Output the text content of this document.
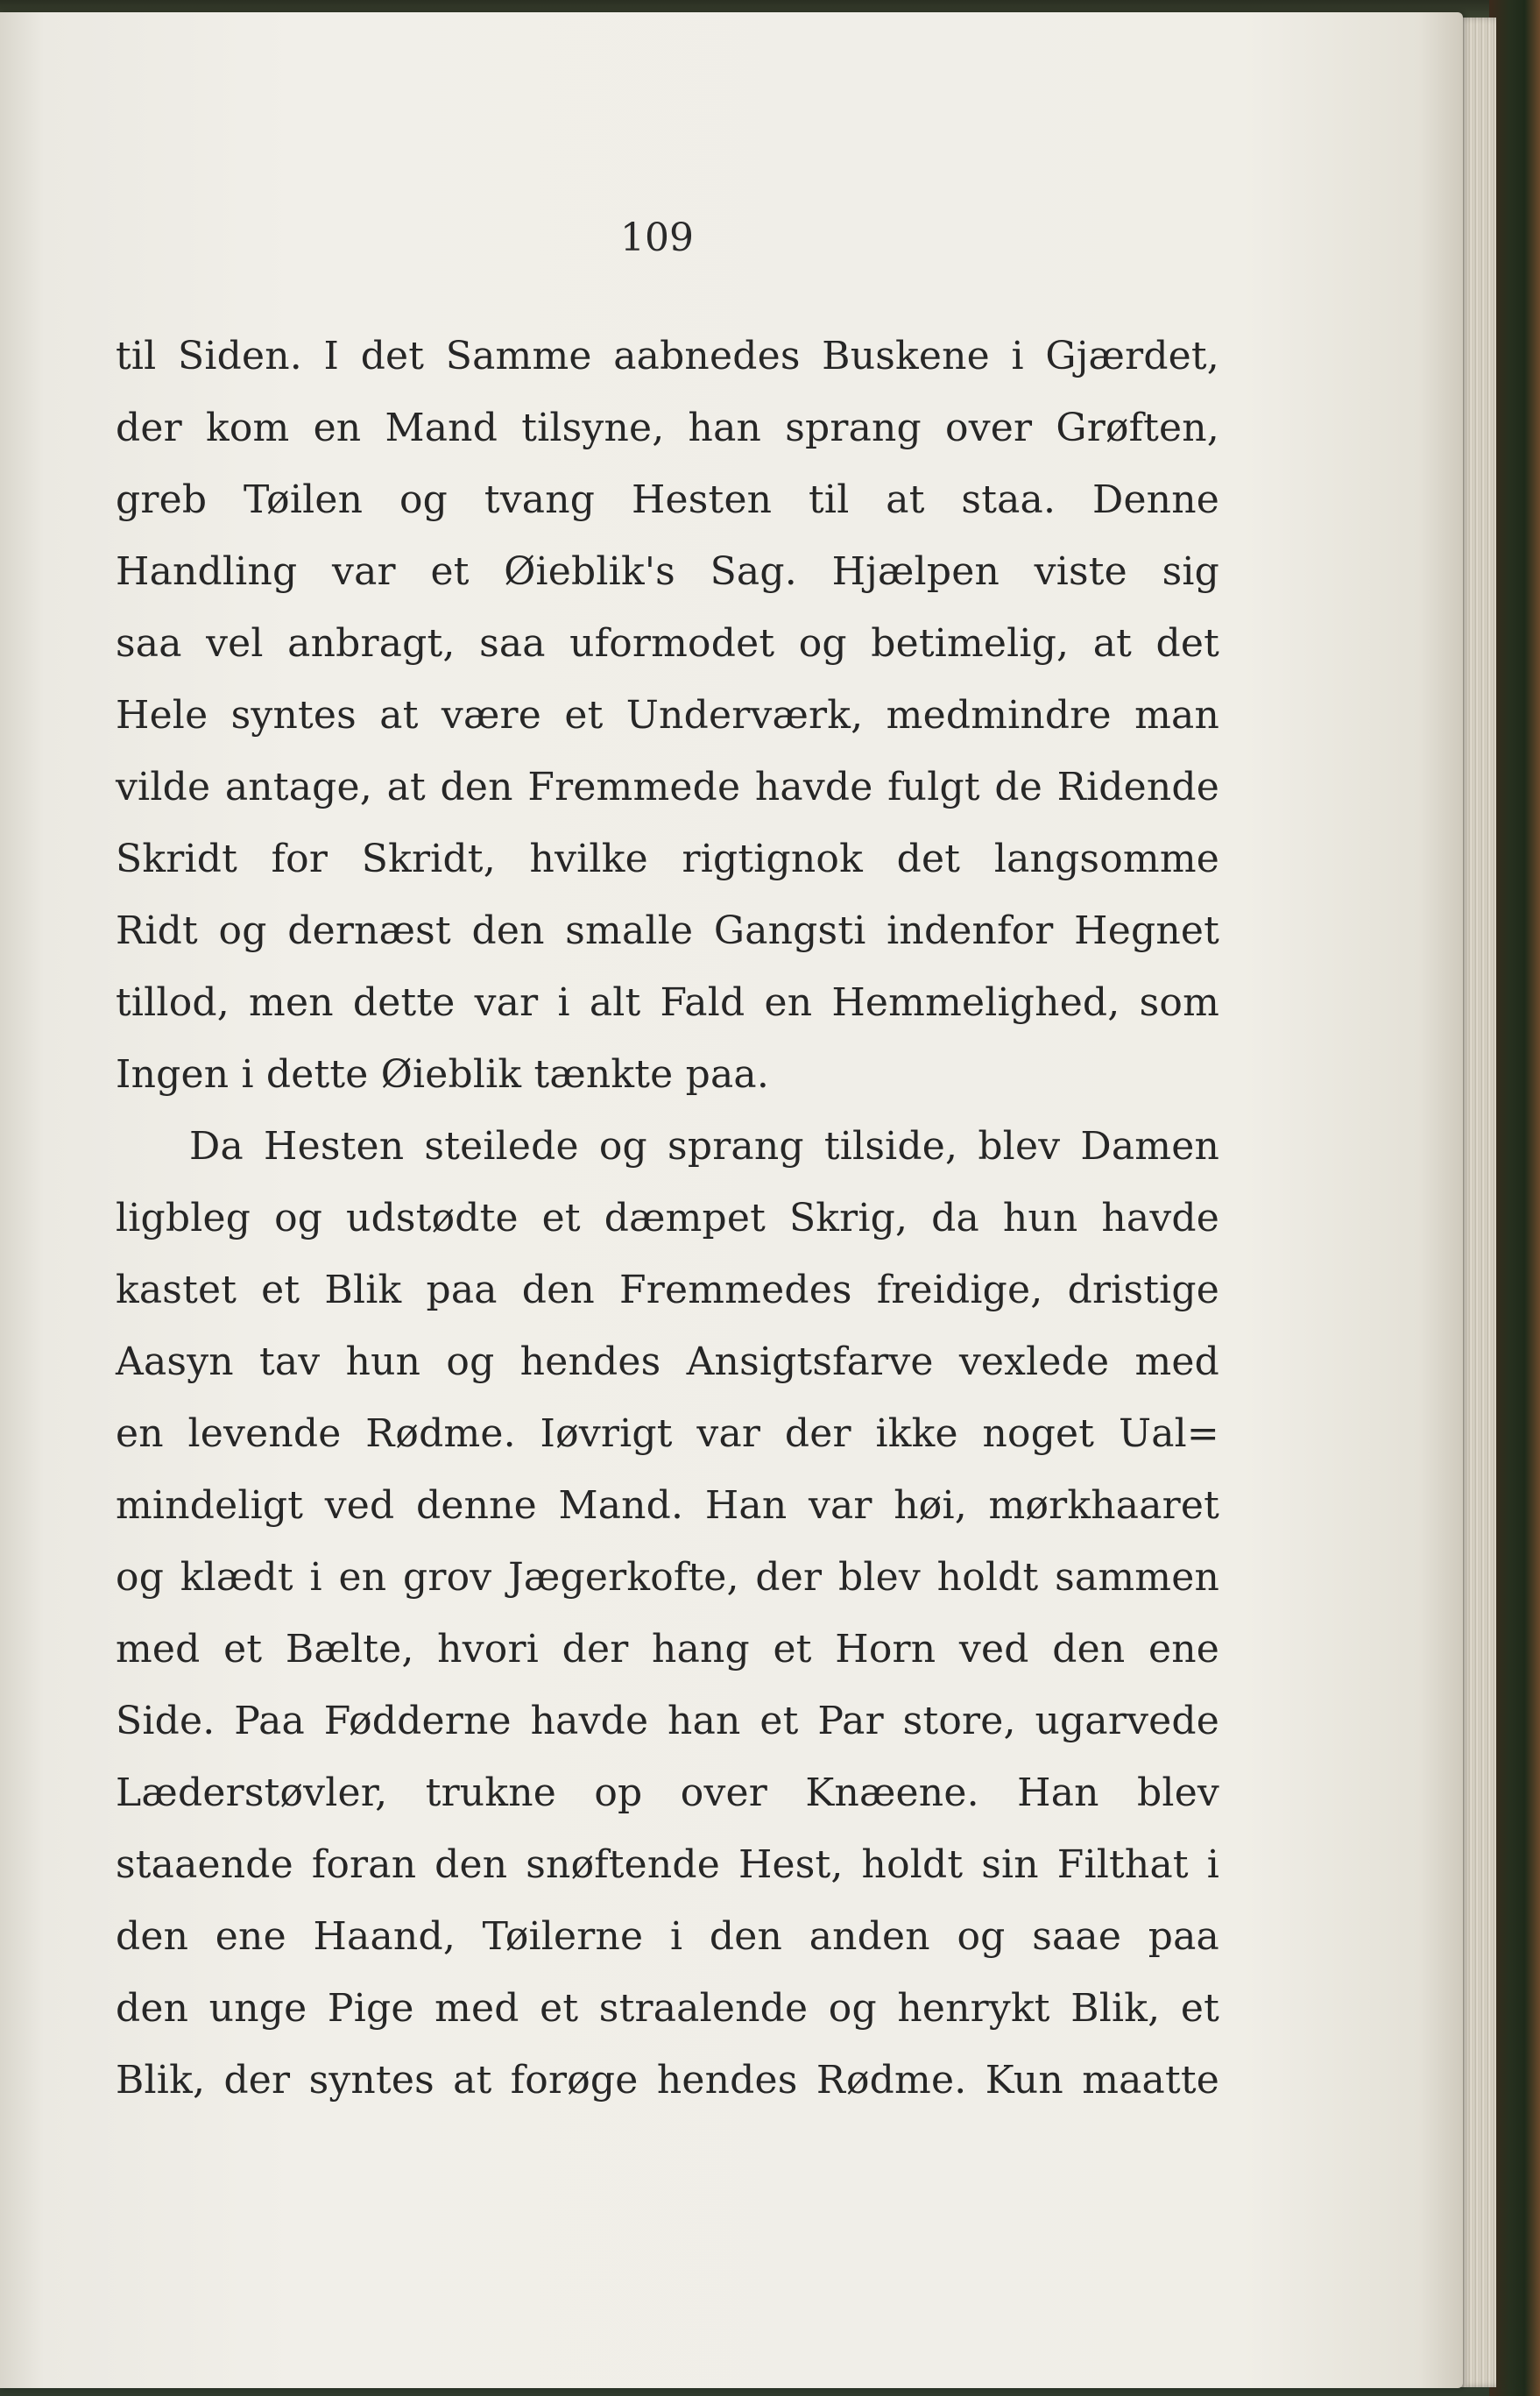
109
til Siden. I det Samme aabnedes Buskene i Gjærdet,
der kom en Mand tilsyne, han sprang over Grøften,
greb Tøilen og tvang Hesten til at staa. Denne
Handling var et Øieblik's Sag. Hjælpen viste sig
saa vel anbragt, saa uformodet og betimelig, at det
Hele syntes at være et Underværk, medmindre man
vilde antage, at den Fremmede havde fulgt de Ridende
Skridt for Skridt, hvilke rigtignok det langsomme
Ridt og dernæst den smalle Gangsti indenfor Hegnet
tillod, men dette var i alt Fald en Hemmelighed, som
Ingen i dette Øieblik tænkte paa.
Da Hesten steilede og sprang tilside, blev Damen
ligbleg og udstødte et dæmpet Skrig, da hun havde
kastet et Blik paa den Fremmedes freidige, dristige
Aasyn tav hun og hendes Ansigtsfarve vexlede med
en levende Rødme. Iøvrigt var der ikke noget Ual=
mindeligt ved denne Mand. Han var høi, mørkhaaret
og klædt i en grov Jægerkofte, der blev holdt sammen
med et Bælte, hvori der hang et Horn ved den ene
Side. Paa Fødderne havde han et Par store, ugarvede
Læderstøvler, trukne op over Knæene. Han blev
staaende foran den snøftende Hest, holdt sin Filthat i
den ene Haand, Tøilerne i den anden og saae paa
den unge Pige med et straalende og henrykt Blik, et
Blik, der syntes at forøge hendes Rødme. Kun maatte
